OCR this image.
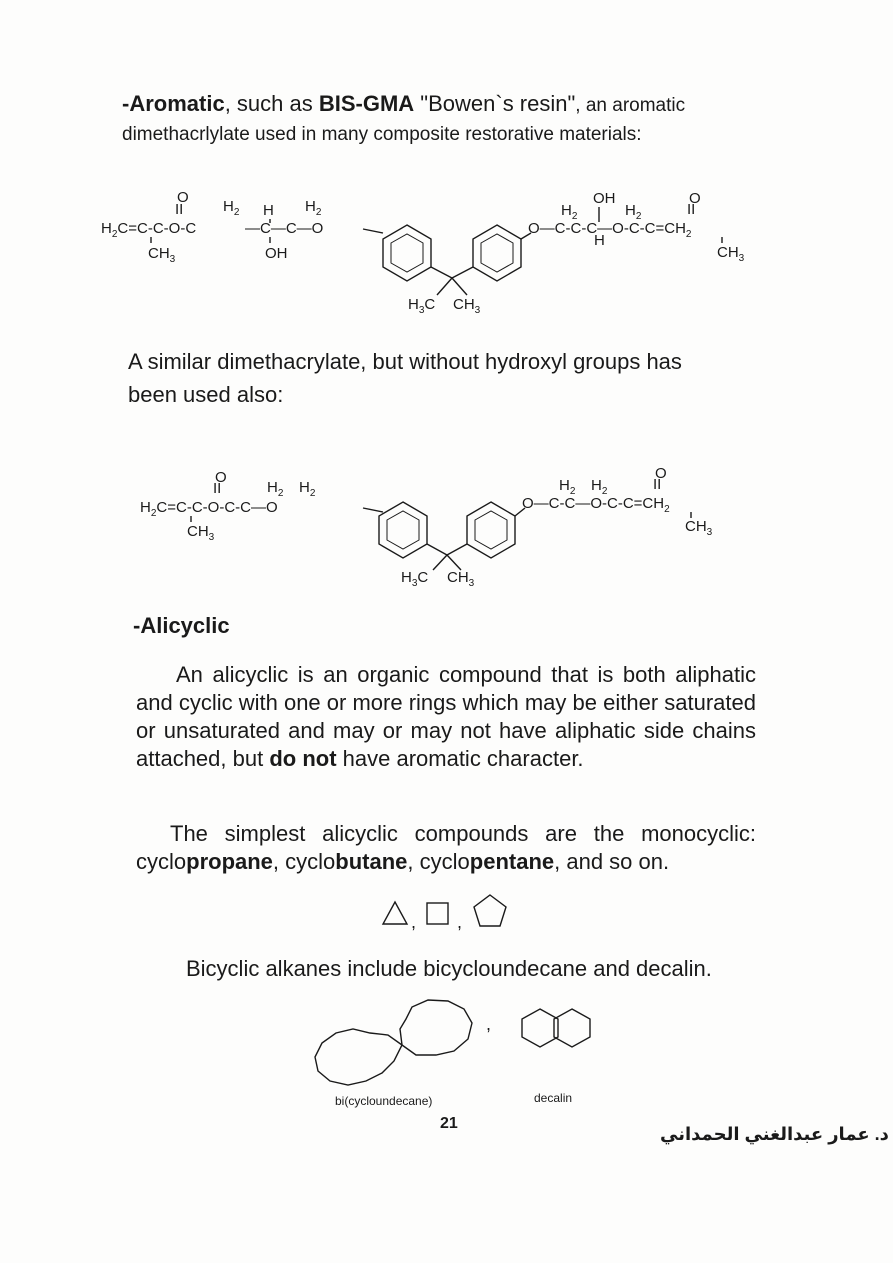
-Aromatic, such as BIS-GMA "Bowen`s resin", an aromatic
dimethacrlylate used in many composite restorative materials:
O
II
$H_2C=C-C-O-C$
$H_2$ H $H_2$
—C—C—O
$CH_3$	OH
$H_3C$ $CH_3$
OH
$H_2$	$H_2$
O
II
$O—C-C-C—O-C-C=CH_2$
H
$CH_3$
A similar dimethacrylate, but without hydroxyl groups has
been used also:
O
II	$H_2$ $H_2$
$H_2C=C-C-O-C-C—O$
$CH_3$
$H_3C$ $CH_3$
$H_2$ $H_2$
O
II
$O—C-C—O-C-C=CH_2$
$CH_3$
-Alicyclic
An alicyclic is an organic compound that is both aliphatic and cyclic with one or more rings which may be either saturated or unsaturated and may or may not have aliphatic side chains attached, but do not have aromatic character.
The simplest alicyclic compounds are the monocyclic: cyclopropane, cyclobutane, cyclopentane, and so on.
, ,
Bicyclic alkanes include bicycloundecane and decalin.
,
bi(cycloundecane)	decalin
21
د. عمار عبدالغني الحمداني
